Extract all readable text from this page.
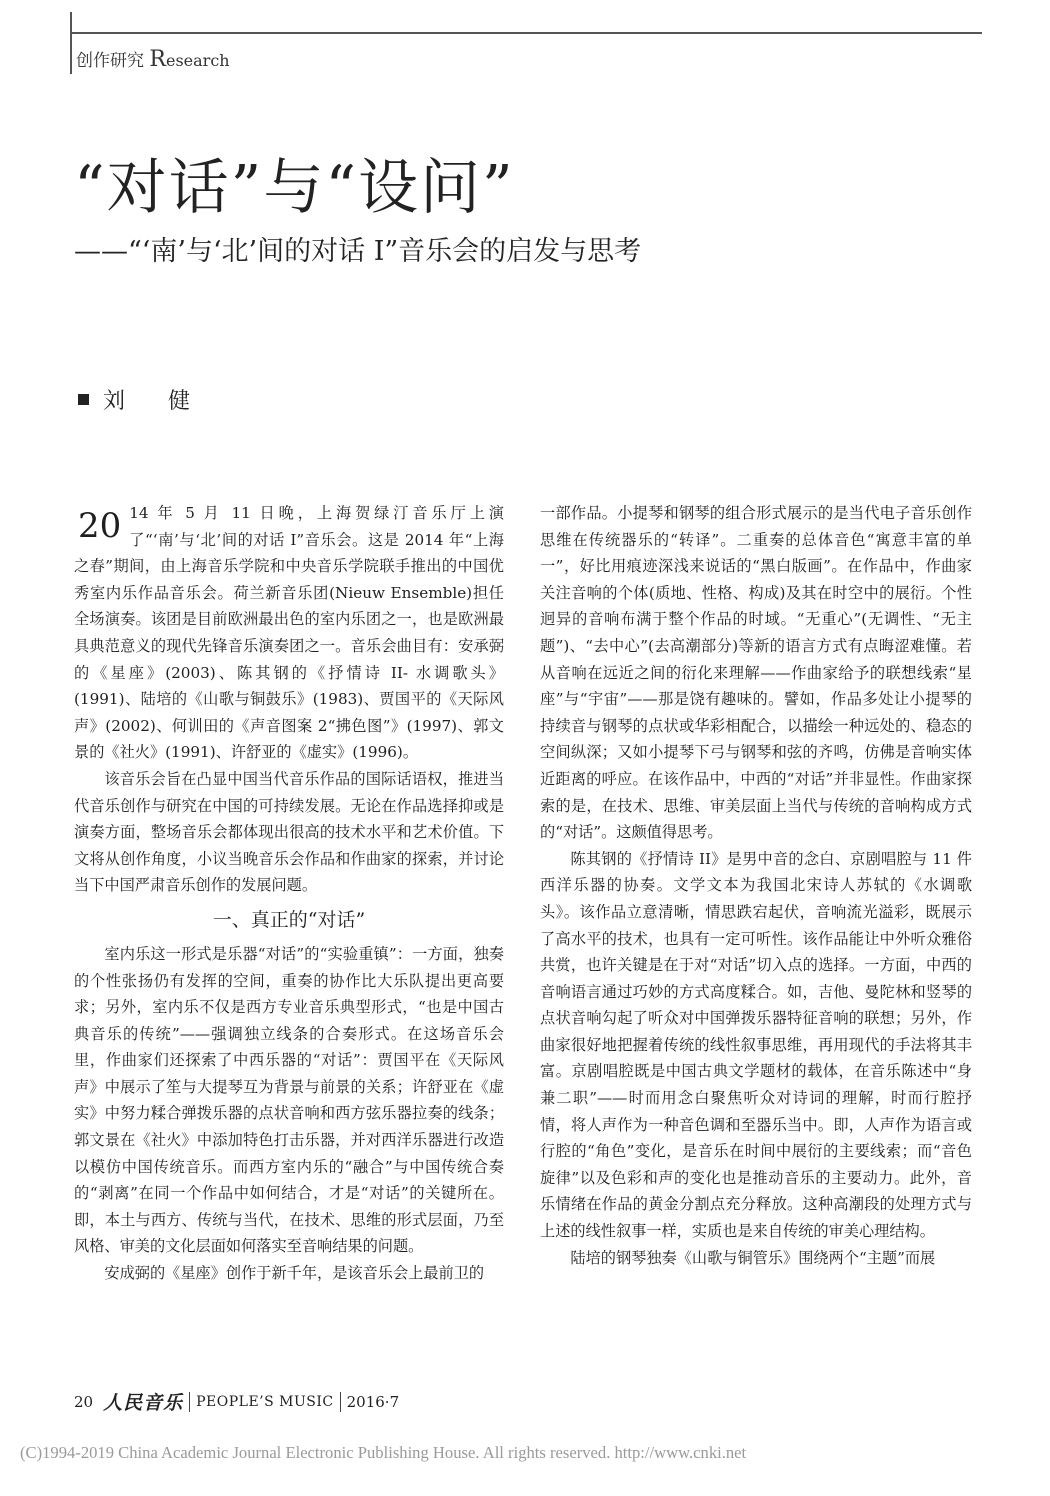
创作研究 Research
“对话”与“设问”
——“‘南’与‘北’间的对话 I”音乐会的启发与思考
刘 健

20 14 年 5 月 11 日晚，上海贺绿汀音乐厅上演了“‘南’与‘北’间的对话 I”音乐会。这是 2014 年“上海之春”期间，由上海音乐学院和中央音乐学院联手推出的中国优秀室内乐作品音乐会。荷兰新音乐团(Nieuw Ensemble)担任全场演奏。该团是目前欧洲最出色的室内乐团之一，也是欧洲最具典范意义的现代先锋音乐演奏团之一。音乐会曲目有：安承弼的《星座》(2003)、陈其钢的《抒情诗 II- 水调歌头》(1991)、陆培的《山歌与铜鼓乐》(1983)、贾国平的《天际风声》(2002)、何训田的《声音图案 2“拂色图”》(1997)、郭文景的《社火》(1991)、许舒亚的《虚实》(1996)。

该音乐会旨在凸显中国当代音乐作品的国际话语权，推进当代音乐创作与研究在中国的可持续发展。无论在作品选择抑或是演奏方面，整场音乐会都体现出很高的技术水平和艺术价值。下文将从创作角度，小议当晚音乐会作品和作曲家的探索，并讨论当下中国严肃音乐创作的发展问题。

一、真正的“对话”

室内乐这一形式是乐器“对话”的“实验重镇”：一方面，独奏的个性张扬仍有发挥的空间，重奏的协作比大乐队提出更高要求；另外，室内乐不仅是西方专业音乐典型形式，“也是中国古典音乐的传统”——强调独立线条的合奏形式。在这场音乐会里，作曲家们还探索了中西乐器的“对话”：贾国平在《天际风声》中展示了笙与大提琴互为背景与前景的关系；许舒亚在《虚实》中努力糅合弹拨乐器的点状音响和西方弦乐器拉奏的线条；郭文景在《社火》中添加特色打击乐器，并对西洋乐器进行改造以模仿中国传统音乐。而西方室内乐的“融合”与中国传统合奏的“剥离”在同一个作品中如何结合，才是“对话”的关键所在。即，本土与西方、传统与当代，在技术、思维的形式层面，乃至风格、审美的文化层面如何落实至音响结果的问题。

安成弼的《星座》创作于新千年，是该音乐会上最前卫的

一部作品。小提琴和钢琴的组合形式展示的是当代电子音乐创作思维在传统器乐的“转译”。二重奏的总体音色“寓意丰富的单一”，好比用痕迹深浅来说话的“黑白版画”。在作品中，作曲家关注音响的个体(质地、性格、构成)及其在时空中的展衍。个性迥异的音响布满于整个作品的时域。“无重心”(无调性、“无主题”)、“去中心”(去高潮部分)等新的语言方式有点晦涩难懂。若从音响在远近之间的衍化来理解——作曲家给予的联想线索“星座”与“宇宙”——那是饶有趣味的。譬如，作品多处让小提琴的持续音与钢琴的点状或华彩相配合，以描绘一种远处的、稳态的空间纵深；又如小提琴下弓与钢琴和弦的齐鸣，仿佛是音响实体近距离的呼应。在该作品中，中西的“对话”并非显性。作曲家探索的是，在技术、思维、审美层面上当代与传统的音响构成方式的“对话”。这颇值得思考。

陈其钢的《抒情诗 II》是男中音的念白、京剧唱腔与 11 件西洋乐器的协奏。文学文本为我国北宋诗人苏轼的《水调歌头》。该作品立意清晰，情思跌宕起伏，音响流光溢彩，既展示了高水平的技术，也具有一定可听性。该作品能让中外听众雅俗共赏，也许关键是在于对“对话”切入点的选择。一方面，中西的音响语言通过巧妙的方式高度糅合。如，吉他、曼陀林和竖琴的点状音响勾起了听众对中国弹拨乐器特征音响的联想；另外，作曲家很好地把握着传统的线性叙事思维，再用现代的手法将其丰富。京剧唱腔既是中国古典文学题材的载体，在音乐陈述中“身兼二职”——时而用念白聚焦听众对诗词的理解，时而行腔抒情，将人声作为一种音色调和至器乐当中。即，人声作为语言或行腔的“角色”变化，是音乐在时间中展衍的主要线索；而“音色旋律”以及色彩和声的变化也是推动音乐的主要动力。此外，音乐情绪在作品的黄金分割点充分释放。这种高潮段的处理方式与上述的线性叙事一样，实质也是来自传统的审美心理结构。

陆培的钢琴独奏《山歌与铜管乐》围绕两个“主题”而展

20 人民音乐 PEOPLE’S MUSIC 2016·7
(C)1994-2019 China Academic Journal Electronic Publishing House. All rights reserved. http://www.cnki.net
